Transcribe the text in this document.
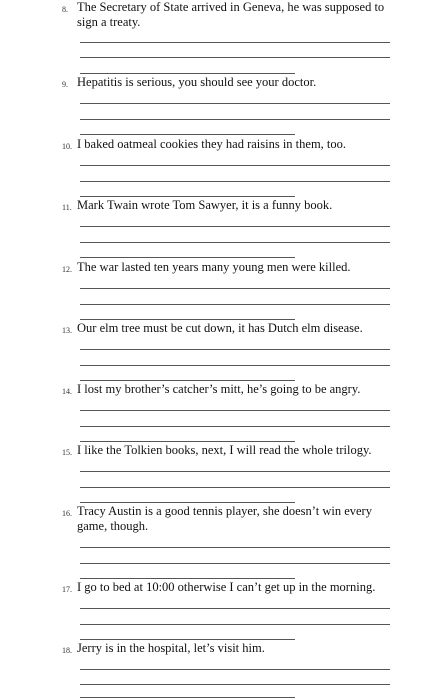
8. The Secretary of State arrived in Geneva, he was supposed to sign a treaty.
9. Hepatitis is serious, you should see your doctor.
10. I baked oatmeal cookies they had raisins in them, too.
11. Mark Twain wrote Tom Sawyer, it is a funny book.
12. The war lasted ten years many young men were killed.
13. Our elm tree must be cut down, it has Dutch elm disease.
14. I lost my brother’s catcher’s mitt, he’s going to be angry.
15. I like the Tolkien books, next, I will read the whole trilogy.
16. Tracy Austin is a good tennis player, she doesn’t win every game, though.
17. I go to bed at 10:00 otherwise I can’t get up in the morning.
18. Jerry is in the hospital, let’s visit him.
